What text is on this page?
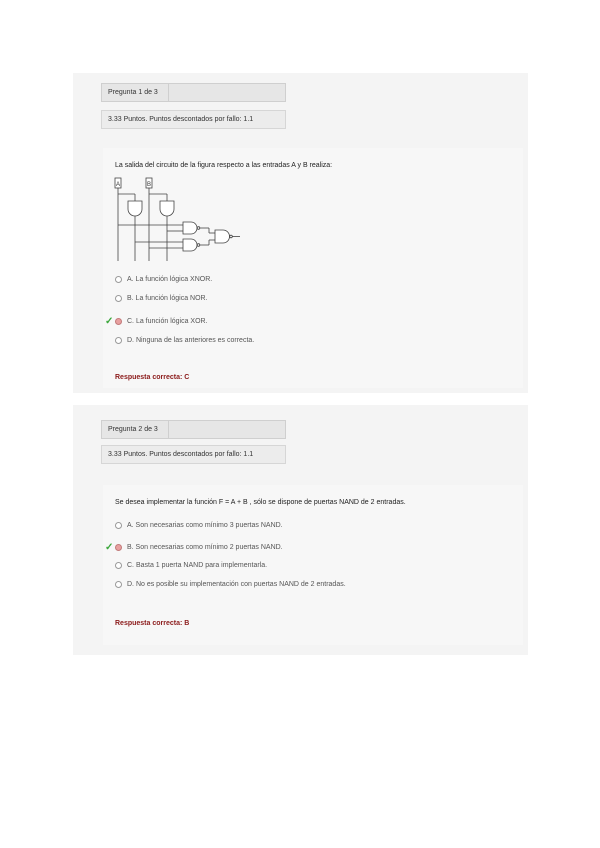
Pregunta 1 de 3
3.33 Puntos. Puntos descontados por fallo: 1.1
La salida del circuito de la figura respecto a las entradas A y B realiza:
A	B
A. La función lógica XNOR.
B. La función lógica NOR.
✓ C. La función lógica XOR.
D. Ninguna de las anteriores es correcta.
Respuesta correcta: C
Pregunta 2 de 3
3.33 Puntos. Puntos descontados por fallo: 1.1
Se desea implementar la función F = A + B , sólo se dispone de puertas NAND de 2 entradas.
A. Son necesarias como mínimo 3 puertas NAND.
✓ B. Son necesarias como mínimo 2 puertas NAND.
C. Basta 1 puerta NAND para implementarla.
D. No es posible su implementación con puertas NAND de 2 entradas.
Respuesta correcta: B
